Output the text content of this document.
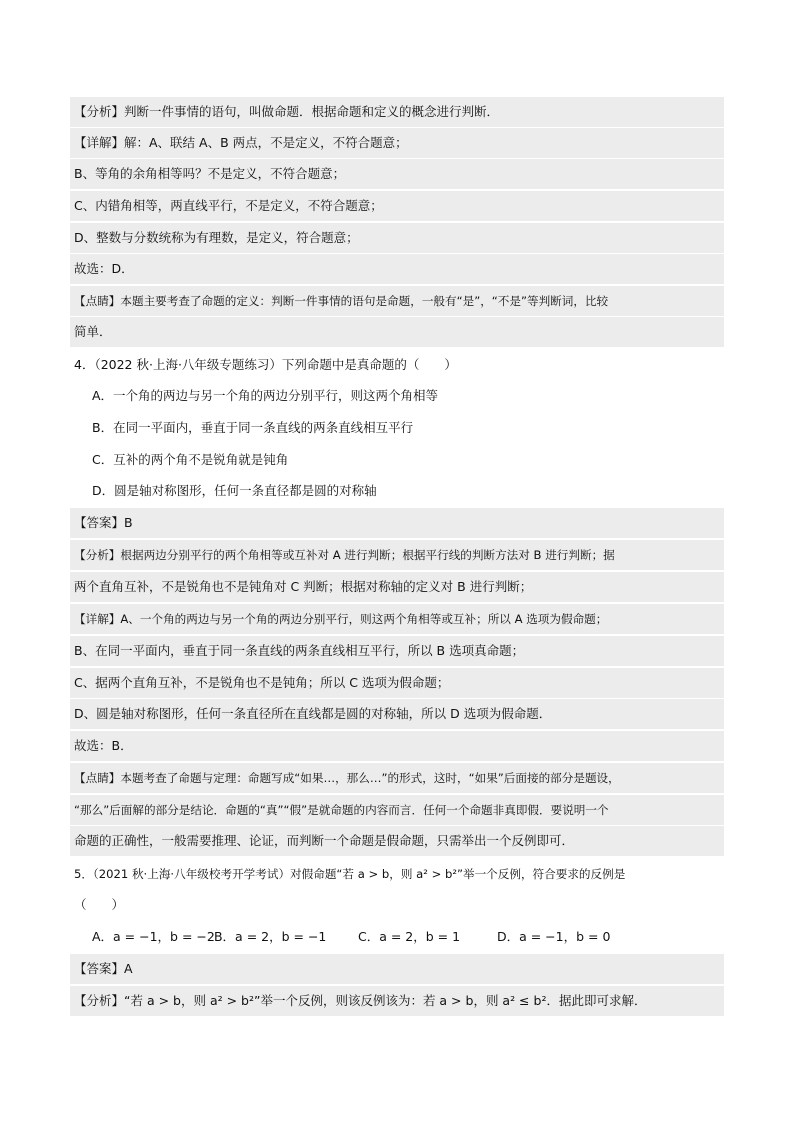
【分析】判断一件事情的语句，叫做命题．根据命题和定义的概念进行判断．
【详解】解：A、联结 A、B 两点，不是定义，不符合题意；
B、等角的余角相等吗？不是定义，不符合题意；
C、内错角相等，两直线平行，不是定义，不符合题意；
D、整数与分数统称为有理数，是定义，符合题意；
故选：D．
【点睛】本题主要考查了命题的定义：判断一件事情的语句是命题，一般有“是”，“不是”等判断词，比较
简单．
4．（2022 秋·上海·八年级专题练习）下列命题中是真命题的（　　）
A．一个角的两边与另一个角的两边分别平行，则这两个角相等
B．在同一平面内，垂直于同一条直线的两条直线相互平行
C．互补的两个角不是锐角就是钝角
D．圆是轴对称图形，任何一条直径都是圆的对称轴
【答案】B
【分析】根据两边分别平行的两个角相等或互补对 A 进行判断；根据平行线的判断方法对 B 进行判断；据
两个直角互补，不是锐角也不是钝角对 C 判断；根据对称轴的定义对 B 进行判断；
【详解】A、一个角的两边与另一个角的两边分别平行，则这两个角相等或互补；所以 A 选项为假命题；
B、在同一平面内，垂直于同一条直线的两条直线相互平行，所以 B 选项真命题；
C、据两个直角互补，不是锐角也不是钝角；所以 C 选项为假命题；
D、圆是轴对称图形，任何一条直径所在直线都是圆的对称轴，所以 D 选项为假命题．
故选：B．
【点睛】本题考查了命题与定理：命题写成“如果…，那么…”的形式，这时，“如果”后面接的部分是题设，
“那么”后面解的部分是结论．命题的“真”“假”是就命题的内容而言．任何一个命题非真即假．要说明一个
命题的正确性，一般需要推理、论证，而判断一个命题是假命题，只需举出一个反例即可．
5．（2021 秋·上海·八年级校考开学考试）对假命题“若 a > b，则 a² > b²”举一个反例，符合要求的反例是
（　　）
A．a = −1，b = −2 B．a = 2，b = −1	C．a = 2，b = 1	D．a = −1，b = 0
【答案】A
【分析】“若 a > b，则 a² > b²”举一个反例，则该反例该为：若 a > b，则 a² ≤ b²．据此即可求解．
